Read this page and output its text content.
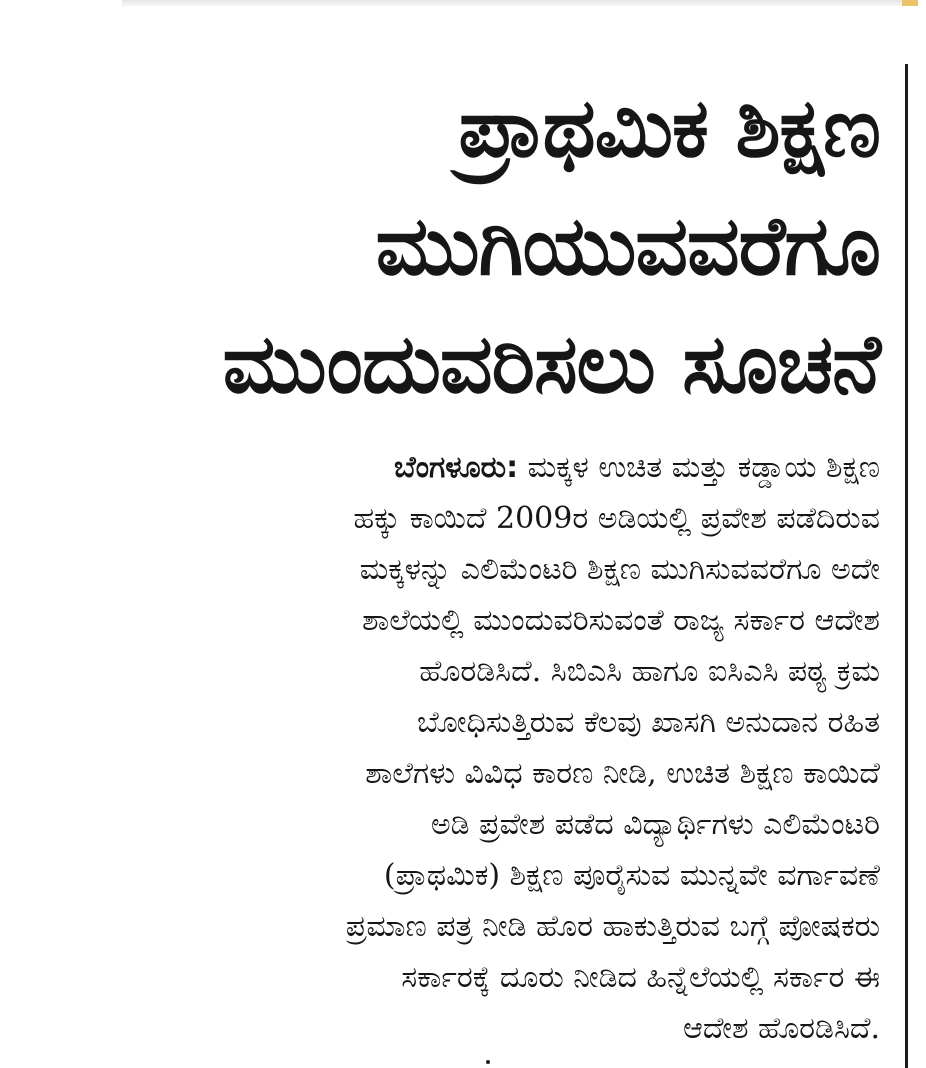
ಪ್ರಾಥಮಿಕ ಶಿಕ್ಷಣ
ಮುಗಿಯುವವರೆಗೂ
ಮುಂದುವರಿಸಲು ಸೂಚನೆ
ಬೆಂಗಳೂರು: ಮಕ್ಕಳ ಉಚಿತ ಮತ್ತು ಕಡ್ಡಾಯ ಶಿಕ್ಷಣ
ಹಕ್ಕು ಕಾಯಿದೆ 2009ರ ಅಡಿಯಲ್ಲಿ ಪ್ರವೇಶ ಪಡೆದಿರುವ
ಮಕ್ಕಳನ್ನು ಎಲಿಮೆಂಟರಿ ಶಿಕ್ಷಣ ಮುಗಿಸುವವರೆಗೂ ಅದೇ
ಶಾಲೆಯಲ್ಲಿ ಮುಂದುವರಿಸುವಂತೆ ರಾಜ್ಯ ಸರ್ಕಾರ ಆದೇಶ
ಹೊರಡಿಸಿದೆ. ಸಿಬಿಎಸಿ ಹಾಗೂ ಐಸಿಎಸಿ ಪಠ್ಯ ಕ್ರಮ
ಬೋಧಿಸುತ್ತಿರುವ ಕೆಲವು ಖಾಸಗಿ ಅನುದಾನ ರಹಿತ
ಶಾಲೆಗಳು ವಿವಿಧ ಕಾರಣ ನೀಡಿ, ಉಚಿತ ಶಿಕ್ಷಣ ಕಾಯಿದೆ
ಅಡಿ ಪ್ರವೇಶ ಪಡೆದ ವಿದ್ಯಾರ್ಥಿಗಳು ಎಲಿಮೆಂಟರಿ
(ಪ್ರಾಥಮಿಕ) ಶಿಕ್ಷಣ ಪೂರೈಸುವ ಮುನ್ನವೇ ವರ್ಗಾವಣೆ
ಪ್ರಮಾಣ ಪತ್ರ ನೀಡಿ ಹೊರ ಹಾಕುತ್ತಿರುವ ಬಗ್ಗೆ ಪೋಷಕರು
ಸರ್ಕಾರಕ್ಕೆ ದೂರು ನೀಡಿದ ಹಿನ್ನೆಲೆಯಲ್ಲಿ ಸರ್ಕಾರ ಈ
ಆದೇಶ ಹೊರಡಿಸಿದೆ.
